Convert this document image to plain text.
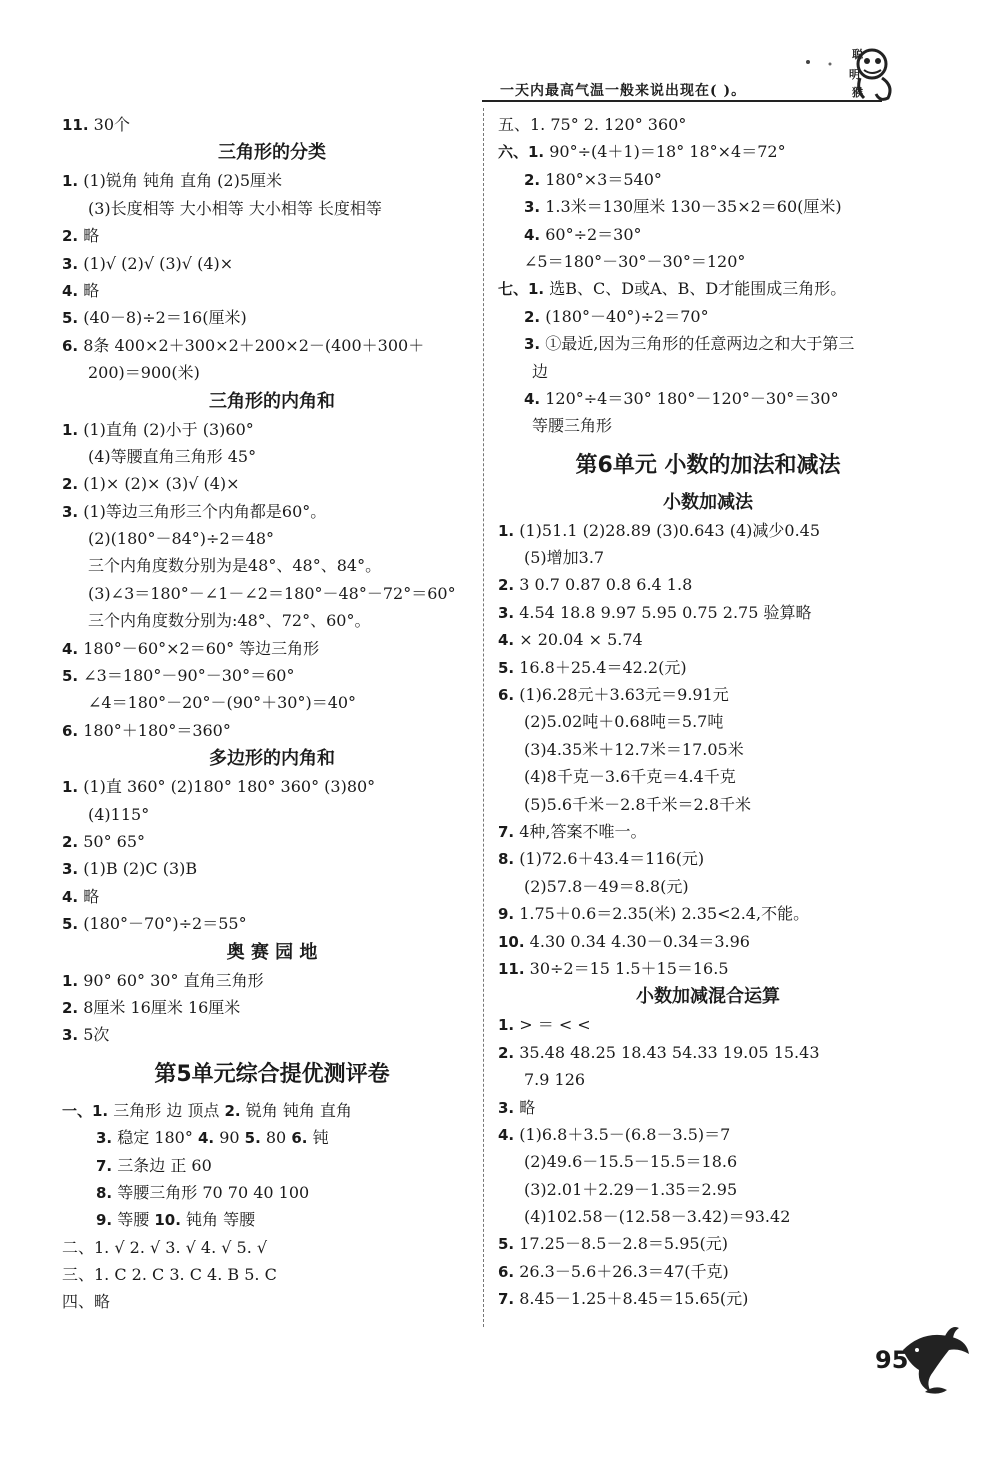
一天内最高气温一般来说出现在( )。
聪
明
猴
11. 30个
三角形的分类
1. (1)锐角 钝角 直角 (2)5厘米
(3)长度相等 大小相等 大小相等 长度相等
2. 略
3. (1)√ (2)√ (3)√ (4)×
4. 略
5. (40－8)÷2＝16(厘米)
6. 8条 400×2＋300×2＋200×2－(400＋300＋
200)＝900(米)
三角形的内角和
1. (1)直角 (2)小于 (3)60°
(4)等腰直角三角形 45°
2. (1)× (2)× (3)√ (4)×
3. (1)等边三角形三个内角都是60°。
(2)(180°－84°)÷2＝48°
三个内角度数分别为是48°、48°、84°。
(3)∠3＝180°－∠1－∠2＝180°－48°－72°＝60°
三个内角度数分别为:48°、72°、60°。
4. 180°－60°×2＝60° 等边三角形
5. ∠3＝180°－90°－30°＝60°
∠4＝180°－20°－(90°＋30°)＝40°
6. 180°＋180°＝360°
多边形的内角和
1. (1)直 360° (2)180° 180° 360° (3)80°
(4)115°
2. 50° 65°
3. (1)B (2)C (3)B
4. 略
5. (180°－70°)÷2＝55°
奥 赛 园 地
1. 90° 60° 30° 直角三角形
2. 8厘米 16厘米 16厘米
3. 5次
第5单元综合提优测评卷
一、1. 三角形 边 顶点 2. 锐角 钝角 直角
3. 稳定 180° 4. 90 5. 80 6. 钝
7. 三条边 正 60
8. 等腰三角形 70 70 40 100
9. 等腰 10. 钝角 等腰
二、1. √ 2. √ 3. √ 4. √ 5. √
三、1. C 2. C 3. C 4. B 5. C
四、略
五、1. 75° 2. 120° 360°
六、1. 90°÷(4＋1)＝18° 18°×4＝72°
2. 180°×3＝540°
3. 1.3米＝130厘米 130－35×2＝60(厘米)
4. 60°÷2＝30°
∠5＝180°－30°－30°＝120°
七、1. 选B、C、D或A、B、D才能围成三角形。
2. (180°－40°)÷2＝70°
3. ①最近,因为三角形的任意两边之和大于第三
边
4. 120°÷4＝30° 180°－120°－30°＝30°
等腰三角形
第6单元 小数的加法和减法
小数加减法
1. (1)51.1 (2)28.89 (3)0.643 (4)减少0.45
(5)增加3.7
2. 3 0.7 0.87 0.8 6.4 1.8
3. 4.54 18.8 9.97 5.95 0.75 2.75 验算略
4. × 20.04 × 5.74
5. 16.8＋25.4＝42.2(元)
6. (1)6.28元＋3.63元＝9.91元
(2)5.02吨＋0.68吨＝5.7吨
(3)4.35米＋12.7米＝17.05米
(4)8千克－3.6千克＝4.4千克
(5)5.6千米－2.8千米＝2.8千米
7. 4种,答案不唯一。
8. (1)72.6＋43.4＝116(元)
(2)57.8－49＝8.8(元)
9. 1.75＋0.6＝2.35(米) 2.35<2.4,不能。
10. 4.30 0.34 4.30－0.34＝3.96
11. 30÷2＝15 1.5＋15＝16.5
小数加减混合运算
1. > ＝ < <
2. 35.48 48.25 18.43 54.33 19.05 15.43
7.9 126
3. 略
4. (1)6.8＋3.5－(6.8－3.5)＝7
(2)49.6－15.5－15.5＝18.6
(3)2.01＋2.29－1.35＝2.95
(4)102.58－(12.58－3.42)＝93.42
5. 17.25－8.5－2.8＝5.95(元)
6. 26.3－5.6＋26.3＝47(千克)
7. 8.45－1.25＋8.45＝15.65(元)
95
